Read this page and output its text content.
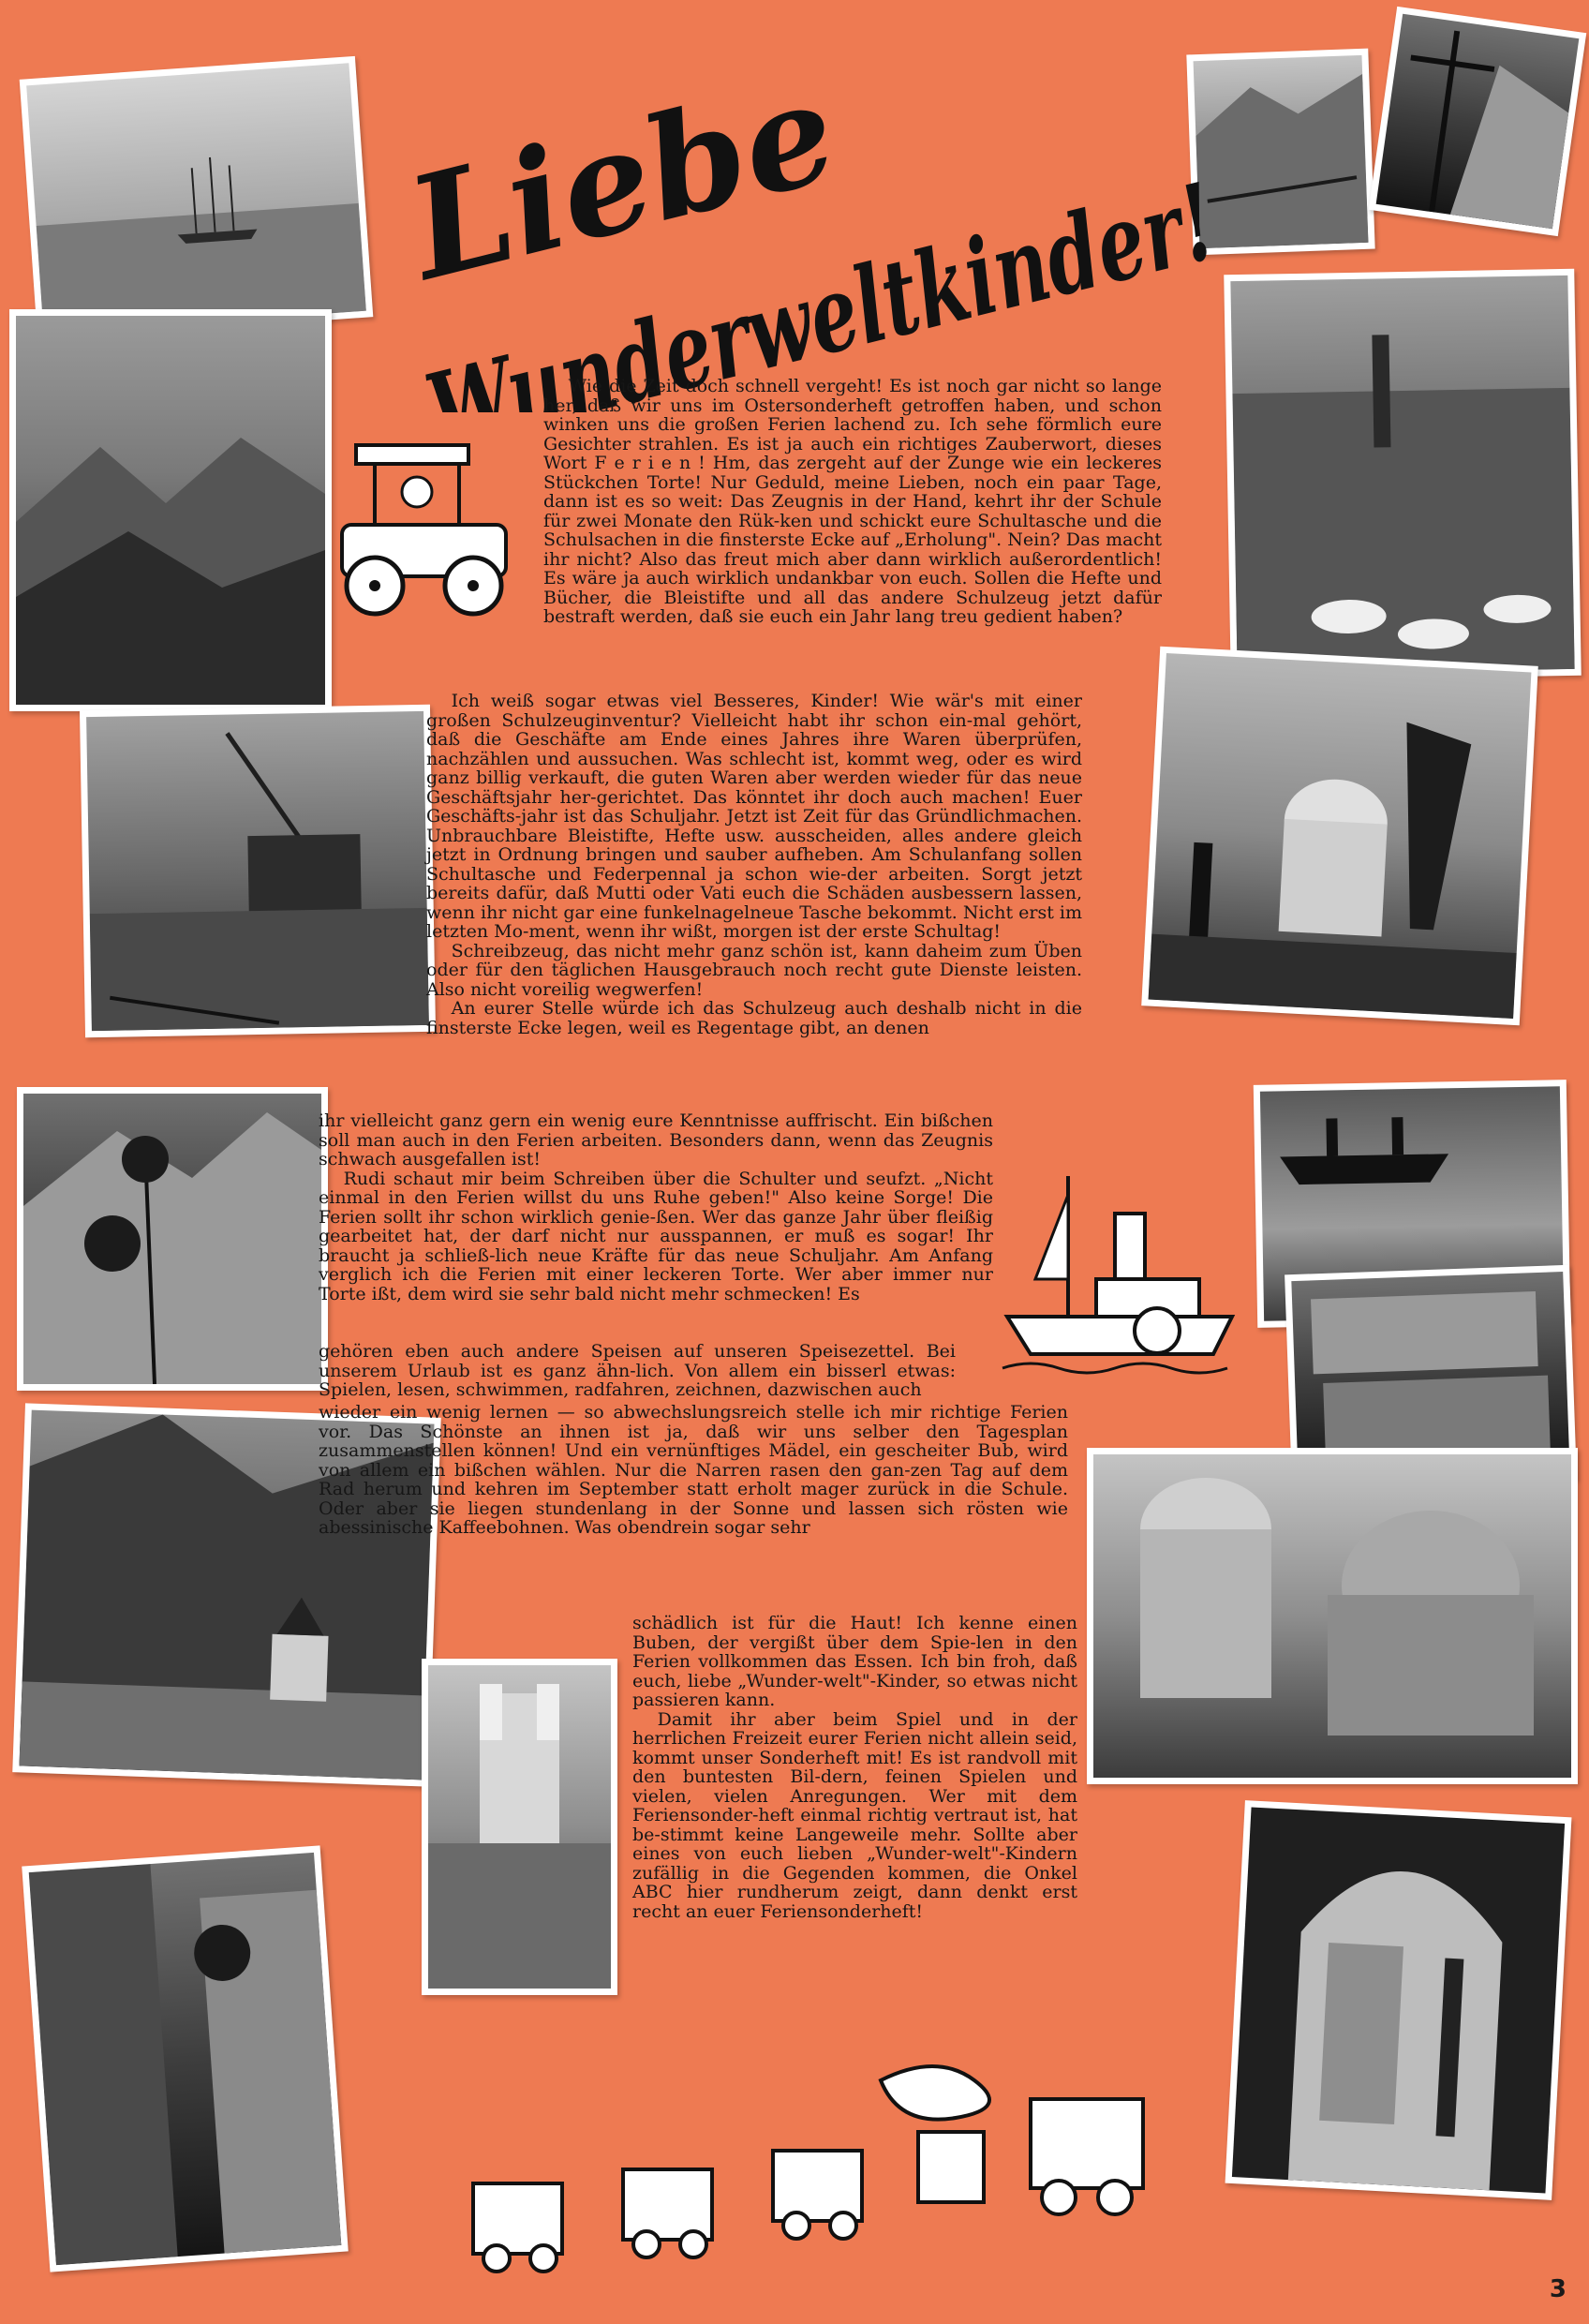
Liebe
Wunderweltkinder!

Wie die Zeit doch schnell vergeht! Es ist noch gar nicht so lange her, daß wir uns im Ostersonderheft getroffen haben, und schon winken uns die großen Ferien lachend zu. Ich sehe förmlich eure Gesichter strahlen. Es ist ja auch ein richtiges Zauberwort, dieses Wort F e r i e n ! Hm, das zergeht auf der Zunge wie ein leckeres Stückchen Torte! Nur Geduld, meine Lieben, noch ein paar Tage, dann ist es so weit: Das Zeugnis in der Hand, kehrt ihr der Schule für zwei Monate den Rük-ken und schickt eure Schultasche und die Schulsachen in die finsterste Ecke auf „Erholung". Nein? Das macht ihr nicht? Also das freut mich aber dann wirklich außerordentlich! Es wäre ja auch wirklich undankbar von euch. Sollen die Hefte und Bücher, die Bleistifte und all das andere Schulzeug jetzt dafür bestraft werden, daß sie euch ein Jahr lang treu gedient haben?

Ich weiß sogar etwas viel Besseres, Kinder! Wie wär's mit einer großen Schulzeuginventur? Vielleicht habt ihr schon ein-mal gehört, daß die Geschäfte am Ende eines Jahres ihre Waren überprüfen, nachzählen und aussuchen. Was schlecht ist, kommt weg, oder es wird ganz billig verkauft, die guten Waren aber werden wieder für das neue Geschäftsjahr her-gerichtet. Das könntet ihr doch auch machen! Euer Geschäfts-jahr ist das Schuljahr. Jetzt ist Zeit für das Gründlichmachen. Unbrauchbare Bleistifte, Hefte usw. ausscheiden, alles andere gleich jetzt in Ordnung bringen und sauber aufheben. Am Schulanfang sollen Schultasche und Federpennal ja schon wie-der arbeiten. Sorgt jetzt bereits dafür, daß Mutti oder Vati euch die Schäden ausbessern lassen, wenn ihr nicht gar eine funkelnagelneue Tasche bekommt. Nicht erst im letzten Mo-ment, wenn ihr wißt, morgen ist der erste Schultag!

Schreibzeug, das nicht mehr ganz schön ist, kann daheim zum Üben oder für den täglichen Hausgebrauch noch recht gute Dienste leisten. Also nicht voreilig wegwerfen!

An eurer Stelle würde ich das Schulzeug auch deshalb nicht in die finsterste Ecke legen, weil es Regentage gibt, an denen

ihr vielleicht ganz gern ein wenig eure Kenntnisse auffrischt. Ein bißchen soll man auch in den Ferien arbeiten. Besonders dann, wenn das Zeugnis schwach ausgefallen ist!

Rudi schaut mir beim Schreiben über die Schulter und seufzt. „Nicht einmal in den Ferien willst du uns Ruhe geben!" Also keine Sorge! Die Ferien sollt ihr schon wirklich genie-ßen. Wer das ganze Jahr über fleißig gearbeitet hat, der darf nicht nur ausspannen, er muß es sogar! Ihr braucht ja schließ-lich neue Kräfte für das neue Schuljahr. Am Anfang verglich ich die Ferien mit einer leckeren Torte. Wer aber immer nur Torte ißt, dem wird sie sehr bald nicht mehr schmecken! Es

gehören eben auch andere Speisen auf unseren Speisezettel. Bei unserem Urlaub ist es ganz ähn-lich. Von allem ein bisserl etwas: Spielen, lesen, schwimmen, radfahren, zeichnen, dazwischen auch

wieder ein wenig lernen — so abwechslungsreich stelle ich mir richtige Ferien vor. Das Schönste an ihnen ist ja, daß wir uns selber den Tagesplan zusammenstellen können! Und ein vernünftiges Mädel, ein gescheiter Bub, wird von allem ein bißchen wählen. Nur die Narren rasen den gan-zen Tag auf dem Rad herum und kehren im September statt erholt mager zurück in die Schule. Oder aber sie liegen stundenlang in der Sonne und lassen sich rösten wie abessinische Kaffeebohnen. Was obendrein sogar sehr

schädlich ist für die Haut! Ich kenne einen Buben, der vergißt über dem Spie-len in den Ferien vollkommen das Essen. Ich bin froh, daß euch, liebe „Wunder-welt"-Kinder, so etwas nicht passieren kann.

Damit ihr aber beim Spiel und in der herrlichen Freizeit eurer Ferien nicht allein seid, kommt unser Sonderheft mit! Es ist randvoll mit den buntesten Bil-dern, feinen Spielen und vielen, vielen Anregungen. Wer mit dem Feriensonder-heft einmal richtig vertraut ist, hat be-stimmt keine Langeweile mehr. Sollte aber eines von euch lieben „Wunder-welt"-Kindern zufällig in die Gegenden kommen, die Onkel ABC hier rundherum zeigt, dann denkt erst recht an euer Feriensonderheft!

3
